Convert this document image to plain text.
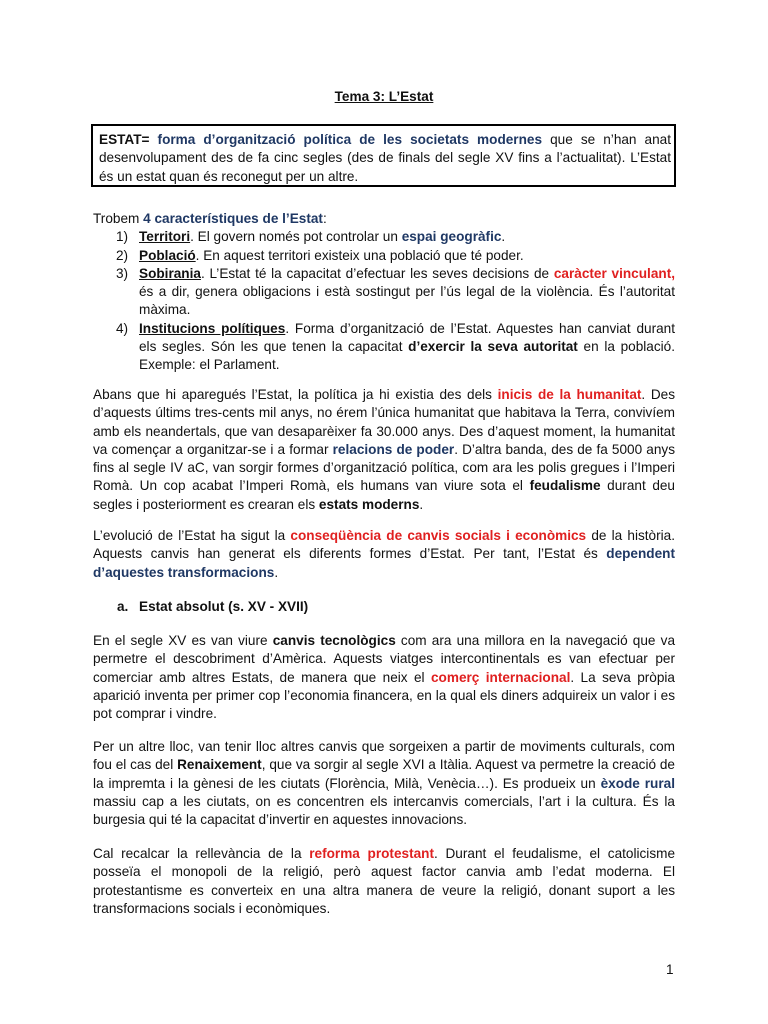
Tema 3: L’Estat
ESTAT= forma d’organització política de les societats modernes que se n’han anat desenvolupament des de fa cinc segles (des de finals del segle XV fins a l’actualitat). L’Estat és un estat quan és reconegut per un altre.
Trobem 4 característiques de l’Estat:
1) Territori. El govern només pot controlar un espai geogràfic.
2) Població. En aquest territori existeix una població que té poder.
3) Sobirania. L’Estat té la capacitat d’efectuar les seves decisions de caràcter vinculant, és a dir, genera obligacions i està sostingut per l’ús legal de la violència. És l’autoritat màxima.
4) Institucions polítiques. Forma d’organització de l’Estat. Aquestes han canviat durant els segles. Són les que tenen la capacitat d’exercir la seva autoritat en la població. Exemple: el Parlament.
Abans que hi aparegués l’Estat, la política ja hi existia des dels inicis de la humanitat. Des d’aquests últims tres-cents mil anys, no érem l’única humanitat que habitava la Terra, convivíem amb els neandertals, que van desaparèixer fa 30.000 anys. Des d’aquest moment, la humanitat va començar a organitzar-se i a formar relacions de poder. D’altra banda, des de fa 5000 anys fins al segle IV aC, van sorgir formes d’organització política, com ara les polis gregues i l’Imperi Romà. Un cop acabat l’Imperi Romà, els humans van viure sota el feudalisme durant deu segles i posteriorment es crearan els estats moderns.
L’evolució de l’Estat ha sigut la conseqüència de canvis socials i econòmics de la història. Aquests canvis han generat els diferents formes d’Estat. Per tant, l’Estat és dependent d’aquestes transformacions.
a. Estat absolut (s. XV - XVII)
En el segle XV es van viure canvis tecnològics com ara una millora en la navegació que va permetre el descobriment d’Amèrica. Aquests viatges intercontinentals es van efectuar per comerciar amb altres Estats, de manera que neix el comerç internacional. La seva pròpia aparició inventa per primer cop l’economia financera, en la qual els diners adquireix un valor i es pot comprar i vindre.
Per un altre lloc, van tenir lloc altres canvis que sorgeixen a partir de moviments culturals, com fou el cas del Renaixement, que va sorgir al segle XVI a Itàlia. Aquest va permetre la creació de la impremta i la gènesi de les ciutats (Florència, Milà, Venècia…). Es produeix un èxode rural massiu cap a les ciutats, on es concentren els intercanvis comercials, l’art i la cultura. És la burgesia qui té la capacitat d’invertir en aquestes innovacions.
Cal recalcar la rellevància de la reforma protestant. Durant el feudalisme, el catolicisme posseïa el monopoli de la religió, però aquest factor canvia amb l’edat moderna. El protestantisme es converteix en una altra manera de veure la religió, donant suport a les transformacions socials i econòmiques.
1
